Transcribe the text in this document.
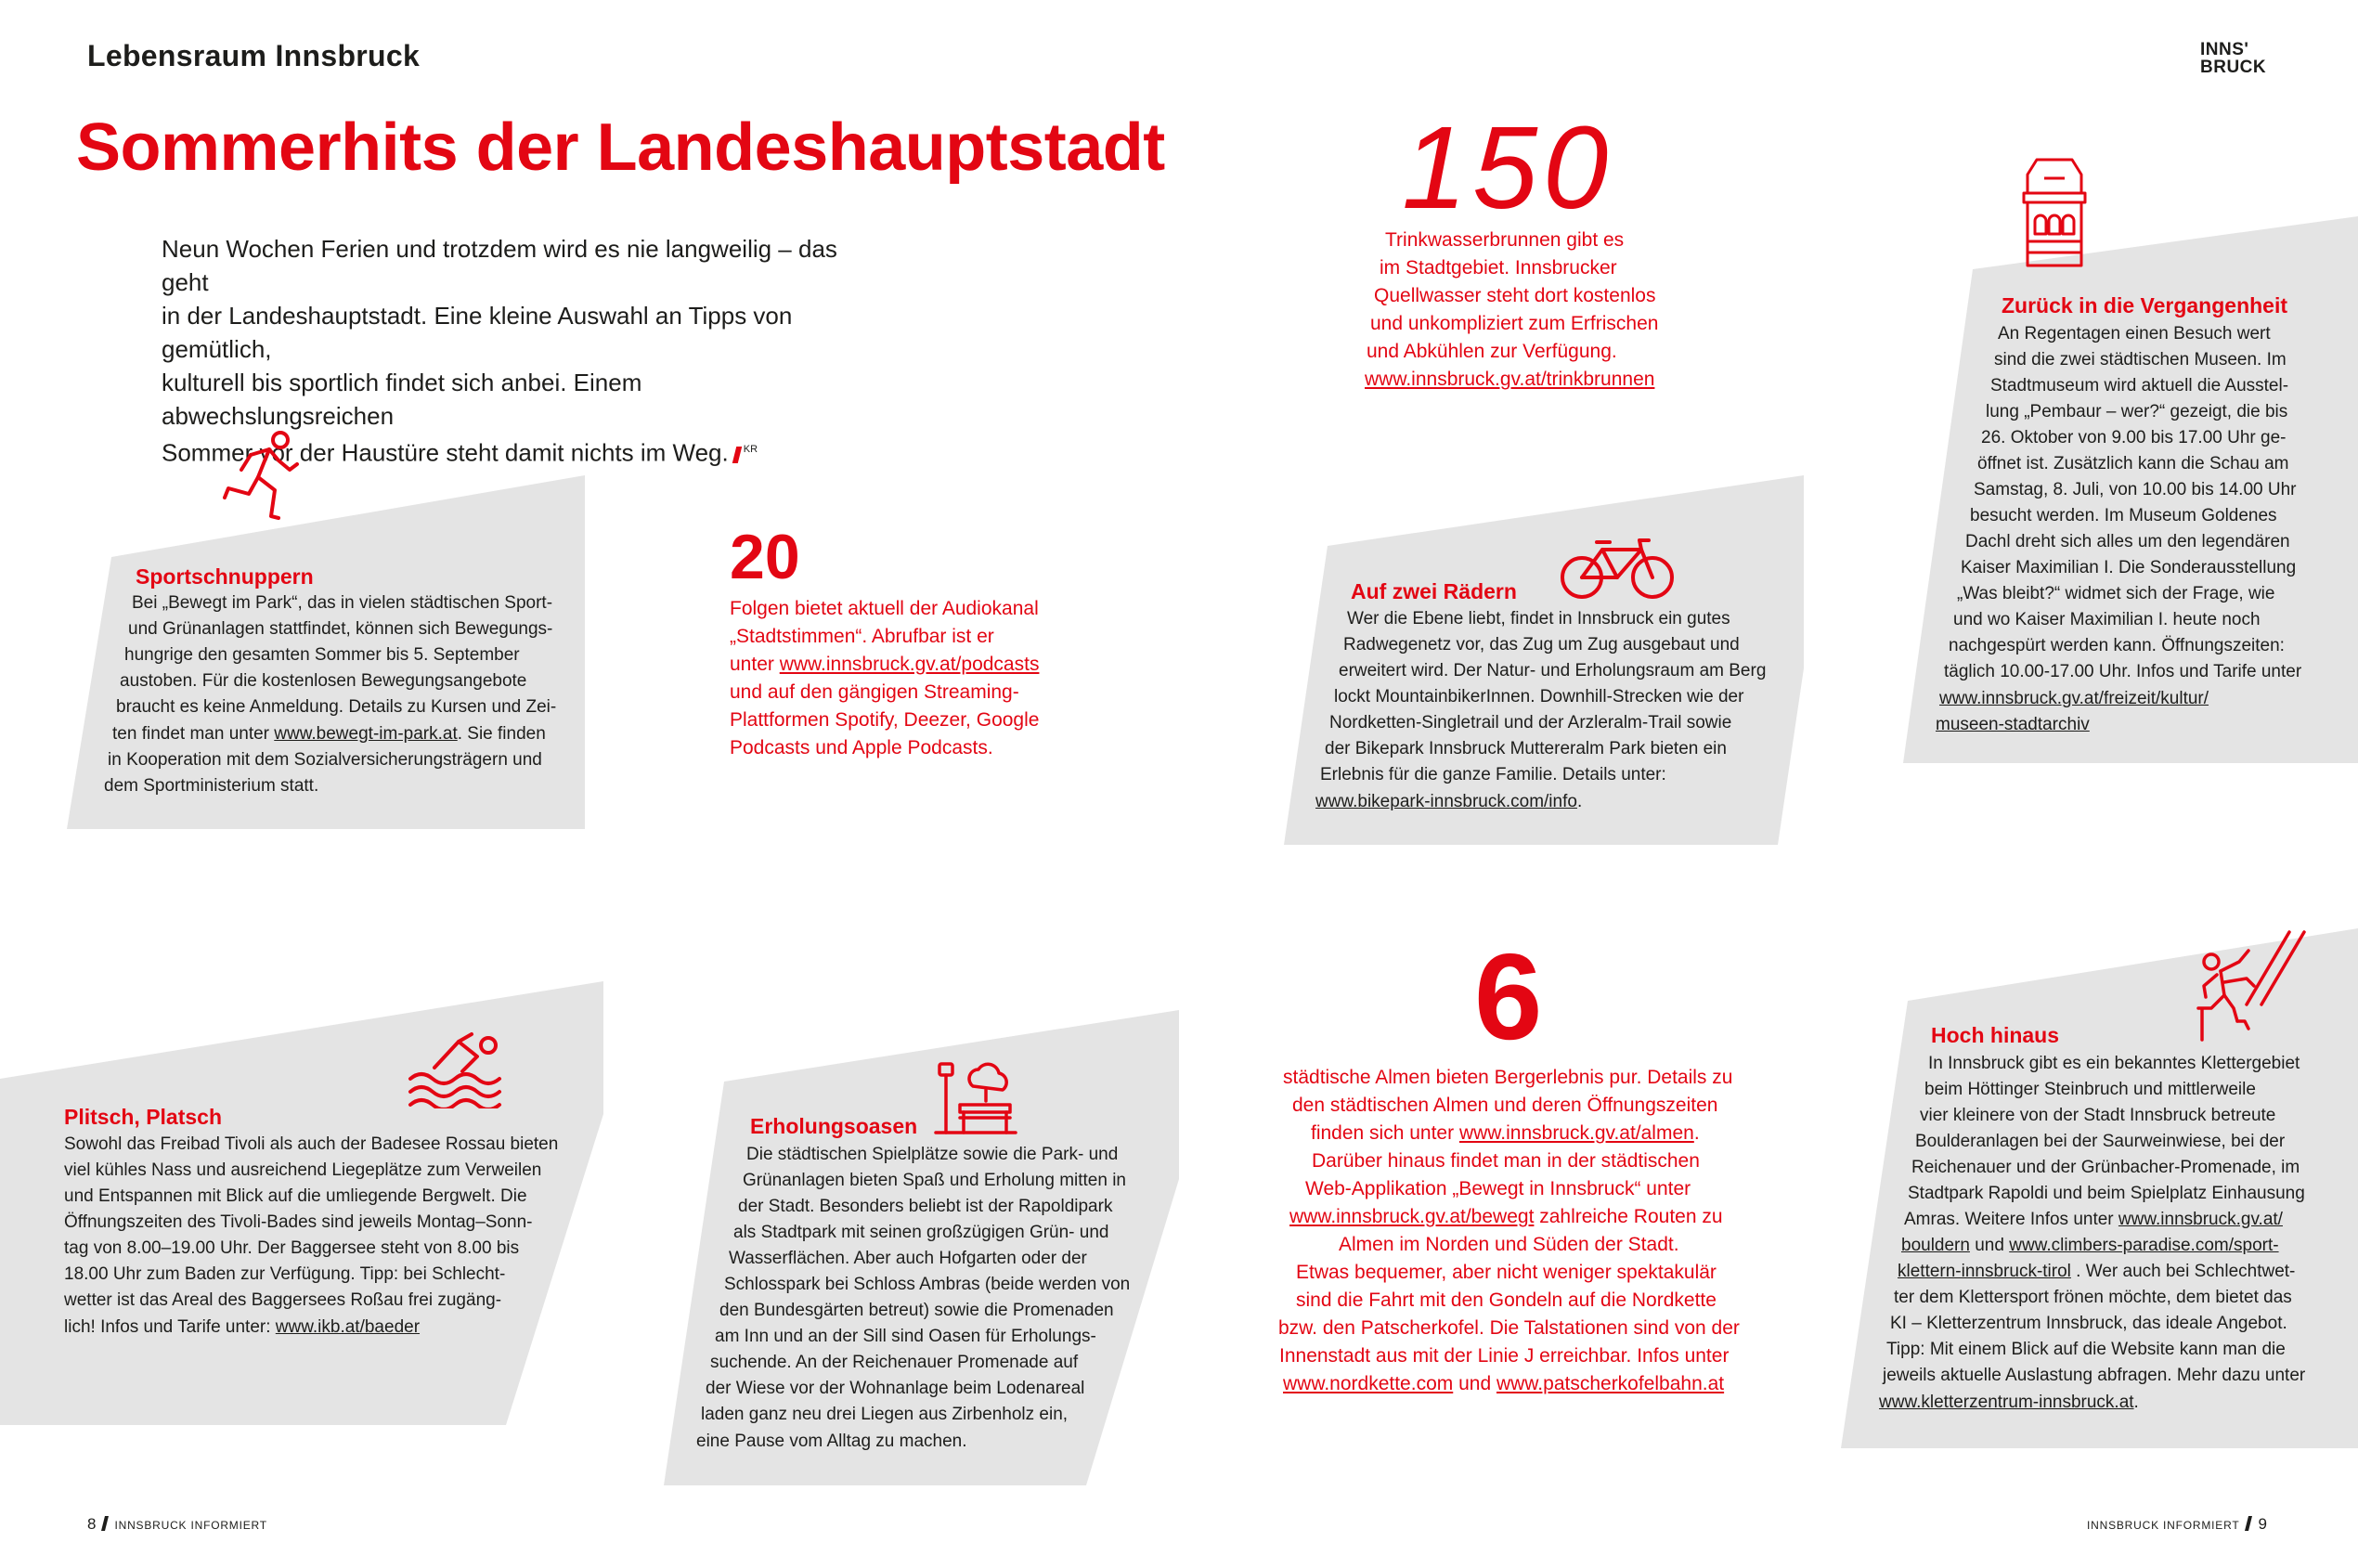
Lebensraum Innsbruck	INNS'
BRUCK
Sommerhits der Landeshauptstadt
Neun Wochen Ferien und trotzdem wird es nie langweilig – das geht
in der Landeshauptstadt. Eine kleine Auswahl an Tipps von gemütlich,
kulturell bis sportlich findet sich anbei. Einem abwechslungsreichen
Sommer vor der Haustüre steht damit nichts im Weg. $^{KR}$
Sportschnuppern
Bei „Bewegt im Park“, das in vielen städtischen Sport-
und Grünanlagen stattfindet, können sich Bewegungs-
hungrige den gesamten Sommer bis 5. September
austoben. Für die kostenlosen Bewegungsangebote
braucht es keine Anmeldung. Details zu Kursen und Zei-
ten findet man unter www.bewegt-im-park.at. Sie finden
in Kooperation mit dem Sozialversicherungsträgern und
dem Sportministerium statt.
20
Folgen bietet aktuell der Audiokanal
„Stadtstimmen“. Abrufbar ist er
unter www.innsbruck.gv.at/podcasts
und auf den gängigen Streaming-
Plattformen Spotify, Deezer, Google
Podcasts und Apple Podcasts.
150
Trinkwasserbrunnen gibt es
im Stadtgebiet. Innsbrucker
Quellwasser steht dort kostenlos
und unkompliziert zum Erfrischen
und Abkühlen zur Verfügung.
www.innsbruck.gv.at/trinkbrunnen
Auf zwei Rädern
Wer die Ebene liebt, findet in Innsbruck ein gutes
Radwegenetz vor, das Zug um Zug ausgebaut und
erweitert wird. Der Natur- und Erholungsraum am Berg
lockt MountainbikerInnen. Downhill-Strecken wie der
Nordketten-Singletrail und der Arzleralm-Trail sowie
der Bikepark Innsbruck Muttereralm Park bieten ein
Erlebnis für die ganze Familie. Details unter:
www.bikepark-innsbruck.com/info.
Zurück in die Vergangenheit
An Regentagen einen Besuch wert
sind die zwei städtischen Museen. Im
Stadtmuseum wird aktuell die Ausstel-
lung „Pembaur – wer?“ gezeigt, die bis
26. Oktober von 9.00 bis 17.00 Uhr ge-
öffnet ist. Zusätzlich kann die Schau am
Samstag, 8. Juli, von 10.00 bis 14.00 Uhr
besucht werden. Im Museum Goldenes
Dachl dreht sich alles um den legendären
Kaiser Maximilian I. Die Sonderausstellung
„Was bleibt?“ widmet sich der Frage, wie
und wo Kaiser Maximilian I. heute noch
nachgespürt werden kann. Öffnungszeiten:
täglich 10.00-17.00 Uhr. Infos und Tarife unter
www.innsbruck.gv.at/freizeit/kultur/
museen-stadtarchiv
Plitsch, Platsch
Sowohl das Freibad Tivoli als auch der Badesee Rossau bieten
viel kühles Nass und ausreichend Liegeplätze zum Verweilen
und Entspannen mit Blick auf die umliegende Bergwelt. Die
Öffnungszeiten des Tivoli-Bades sind jeweils Montag–Sonn-
tag von 8.00–19.00 Uhr. Der Baggersee steht von 8.00 bis
18.00 Uhr zum Baden zur Verfügung. Tipp: bei Schlecht-
wetter ist das Areal des Baggersees Roßau frei zugäng-
lich! Infos und Tarife unter: www.ikb.at/baeder
Erholungsoasen
Die städtischen Spielplätze sowie die Park- und
Grünanlagen bieten Spaß und Erholung mitten in
der Stadt. Besonders beliebt ist der Rapoldipark
als Stadtpark mit seinen großzügigen Grün- und
Wasserflächen. Aber auch Hofgarten oder der
Schlosspark bei Schloss Ambras (beide werden von
den Bundesgärten betreut) sowie die Promenaden
am Inn und an der Sill sind Oasen für Erholungs-
suchende. An der Reichenauer Promenade auf
der Wiese vor der Wohnanlage beim Lodenareal
laden ganz neu drei Liegen aus Zirbenholz ein,
eine Pause vom Alltag zu machen.
6
städtische Almen bieten Bergerlebnis pur. Details zu
den städtischen Almen und deren Öffnungszeiten
finden sich unter www.innsbruck.gv.at/almen.
Darüber hinaus findet man in der städtischen
Web-Applikation „Bewegt in Innsbruck“ unter
www.innsbruck.gv.at/bewegt zahlreiche Routen zu
Almen im Norden und Süden der Stadt.
Etwas bequemer, aber nicht weniger spektakulär
sind die Fahrt mit den Gondeln auf die Nordkette
bzw. den Patscherkofel. Die Talstationen sind von der
Innenstadt aus mit der Linie J erreichbar. Infos unter
www.nordkette.com und www.patscherkofelbahn.at
Hoch hinaus
In Innsbruck gibt es ein bekanntes Klettergebiet
beim Höttinger Steinbruch und mittlerweile
vier kleinere von der Stadt Innsbruck betreute
Boulderanlagen bei der Saurweinwiese, bei der
Reichenauer und der Grünbacher-Promenade, im
Stadtpark Rapoldi und beim Spielplatz Einhausung
Amras. Weitere Infos unter www.innsbruck.gv.at/
bouldern und www.climbers-paradise.com/sport-
klettern-innsbruck-tirol . Wer auch bei Schlechtwet-
ter dem Klettersport frönen möchte, dem bietet das
KI – Kletterzentrum Innsbruck, das ideale Angebot.
Tipp: Mit einem Blick auf die Website kann man die
jeweils aktuelle Auslastung abfragen. Mehr dazu unter
www.kletterzentrum-innsbruck.at.
8 INNSBRUCK INFORMIERT	INNSBRUCK INFORMIERT 9
